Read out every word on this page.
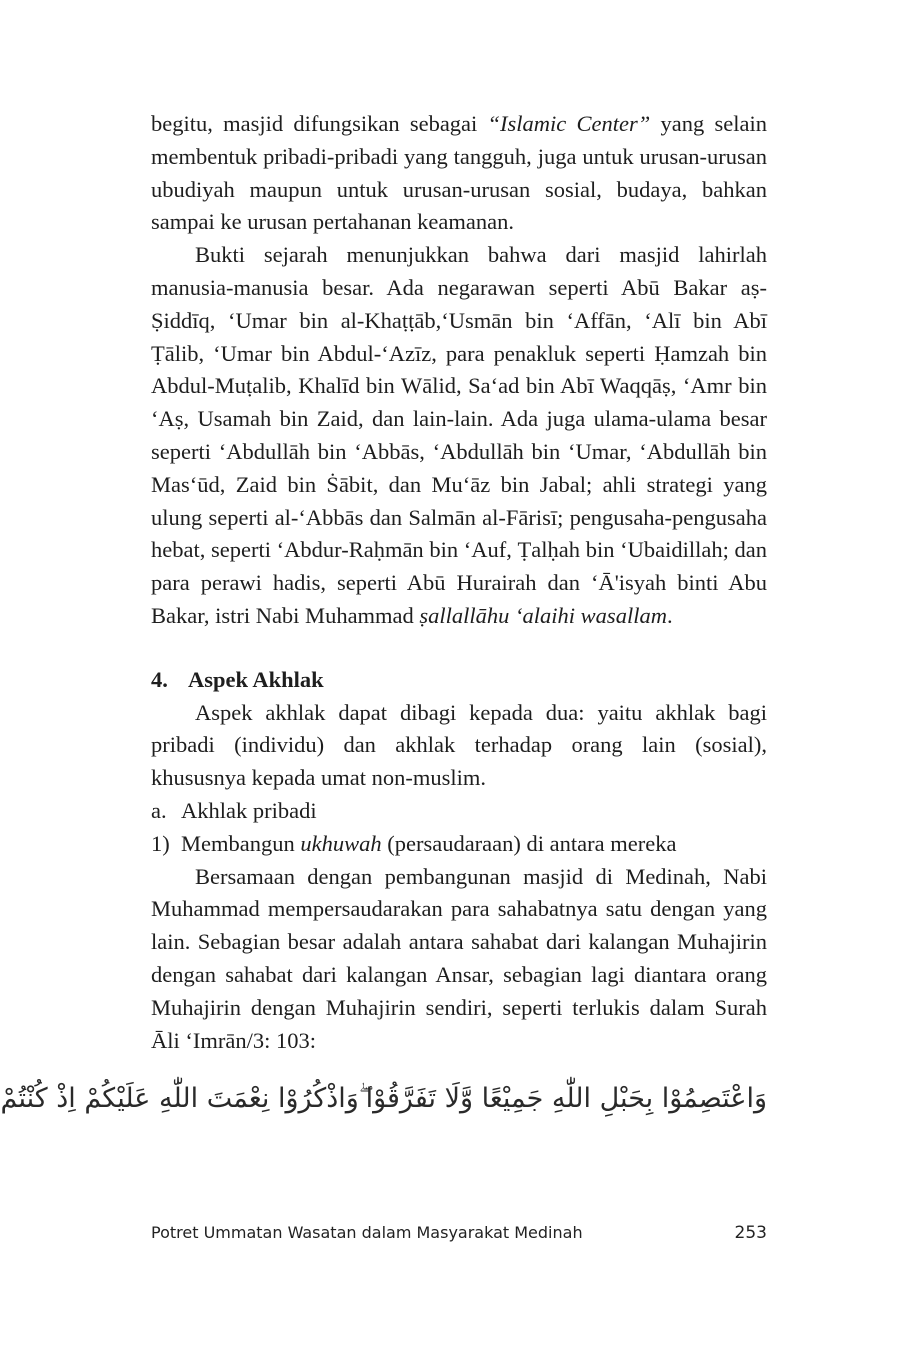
begitu, masjid difungsikan sebagai “Islamic Center” yang selain membentuk pribadi-pribadi yang tangguh, juga untuk urusan-urusan ubudiyah maupun untuk urusan-urusan sosial, budaya, bahkan sampai ke urusan pertahanan keamanan.

Bukti sejarah menunjukkan bahwa dari masjid lahirlah manusia-manusia besar. Ada negarawan seperti Abū Bakar aṣ-Ṣiddīq, ‘Umar bin al-Khaṭṭāb,‘Usmān bin ‘Affān, ‘Alī bin Abī Ṭālib, ‘Umar bin Abdul-‘Azīz, para penakluk seperti Ḥamzah bin Abdul-Muṭalib, Khalīd bin Wālid, Sa‘ad bin Abī Waqqāṣ, ‘Amr bin ‘Aṣ, Usamah bin Zaid, dan lain-lain. Ada juga ulama-ulama besar seperti ‘Abdullāh bin ‘Abbās, ‘Abdullāh bin ‘Umar, ‘Abdullāh bin Mas‘ūd, Zaid bin Ṡābit, dan Mu‘āz bin Jabal; ahli strategi yang ulung seperti al-‘Abbās dan Salmān al-Fārisī; pengusaha-pengusaha hebat, seperti ‘Abdur-Raḥmān bin ‘Auf, Ṭalḥah bin ‘Ubaidillah; dan para perawi hadis, seperti Abū Hurairah dan ‘Ā'isyah binti Abu Bakar, istri Nabi Muhammad ṣallallāhu ‘alaihi wasallam.

4. Aspek Akhlak

Aspek akhlak dapat dibagi kepada dua: yaitu akhlak bagi pribadi (individu) dan akhlak terhadap orang lain (sosial), khususnya kepada umat non-muslim.

a. Akhlak pribadi
1) Membangun ukhuwah (persaudaraan) di antara mereka

Bersamaan dengan pembangunan masjid di Medinah, Nabi Muhammad mempersaudarakan para sahabatnya satu dengan yang lain. Sebagian besar adalah antara sahabat dari kalangan Muhajirin dengan sahabat dari kalangan Ansar, sebagian lagi diantara orang Muhajirin dengan Muhajirin sendiri, seperti terlukis dalam Surah Āli ‘Imrān/3: 103:

وَاعْتَصِمُوْا بِحَبْلِ اللّٰهِ جَمِيْعًا وَّلَا تَفَرَّقُوْا ۖوَاذْكُرُوْا نِعْمَتَ اللّٰهِ عَلَيْكُمْ اِذْ كُنْتُمْ
Potret Ummatan Wasatan dalam Masyarakat Medinah	253
